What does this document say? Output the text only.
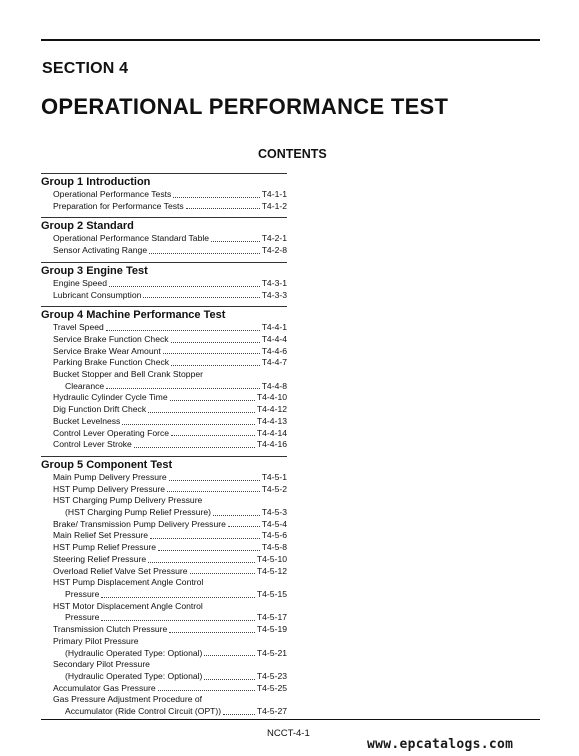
SECTION 4
OPERATIONAL PERFORMANCE TEST
CONTENTS
Group 1 Introduction
Operational Performance Tests	T4-1-1
Preparation for Performance Tests	T4-1-2
Group 2 Standard
Operational Performance Standard Table	T4-2-1
Sensor Activating Range	T4-2-8
Group 3 Engine Test
Engine Speed	T4-3-1
Lubricant Consumption	T4-3-3
Group 4 Machine Performance Test
Travel Speed	T4-4-1
Service Brake Function Check	T4-4-4
Service Brake Wear Amount	T4-4-6
Parking Brake Function Check	T4-4-7
Bucket Stopper and Bell Crank Stopper
Clearance	T4-4-8
Hydraulic Cylinder Cycle Time	T4-4-10
Dig Function Drift Check	T4-4-12
Bucket Levelness	T4-4-13
Control Lever Operating Force	T4-4-14
Control Lever Stroke	T4-4-16
Group 5 Component Test
Main Pump Delivery Pressure	T4-5-1
HST Pump Delivery Pressure	T4-5-2
HST Charging Pump Delivery Pressure
(HST Charging Pump Relief Pressure)	T4-5-3
Brake/ Transmission Pump Delivery Pressure	T4-5-4
Main Relief Set Pressure	T4-5-6
HST Pump Relief Pressure	T4-5-8
Steering Relief Pressure	T4-5-10
Overload Relief Valve Set Pressure	T4-5-12
HST Pump Displacement Angle Control
Pressure	T4-5-15
HST Motor Displacement Angle Control
Pressure	T4-5-17
Transmission Clutch Pressure	T4-5-19
Primary Pilot Pressure
(Hydraulic Operated Type: Optional)	T4-5-21
Secondary Pilot Pressure
(Hydraulic Operated Type: Optional)	T4-5-23
Accumulator Gas Pressure	T4-5-25
Gas Pressure Adjustment Procedure of
Accumulator (Ride Control Circuit (OPT))	T4-5-27
NCCT-4-1
www.epcatalogs.com
